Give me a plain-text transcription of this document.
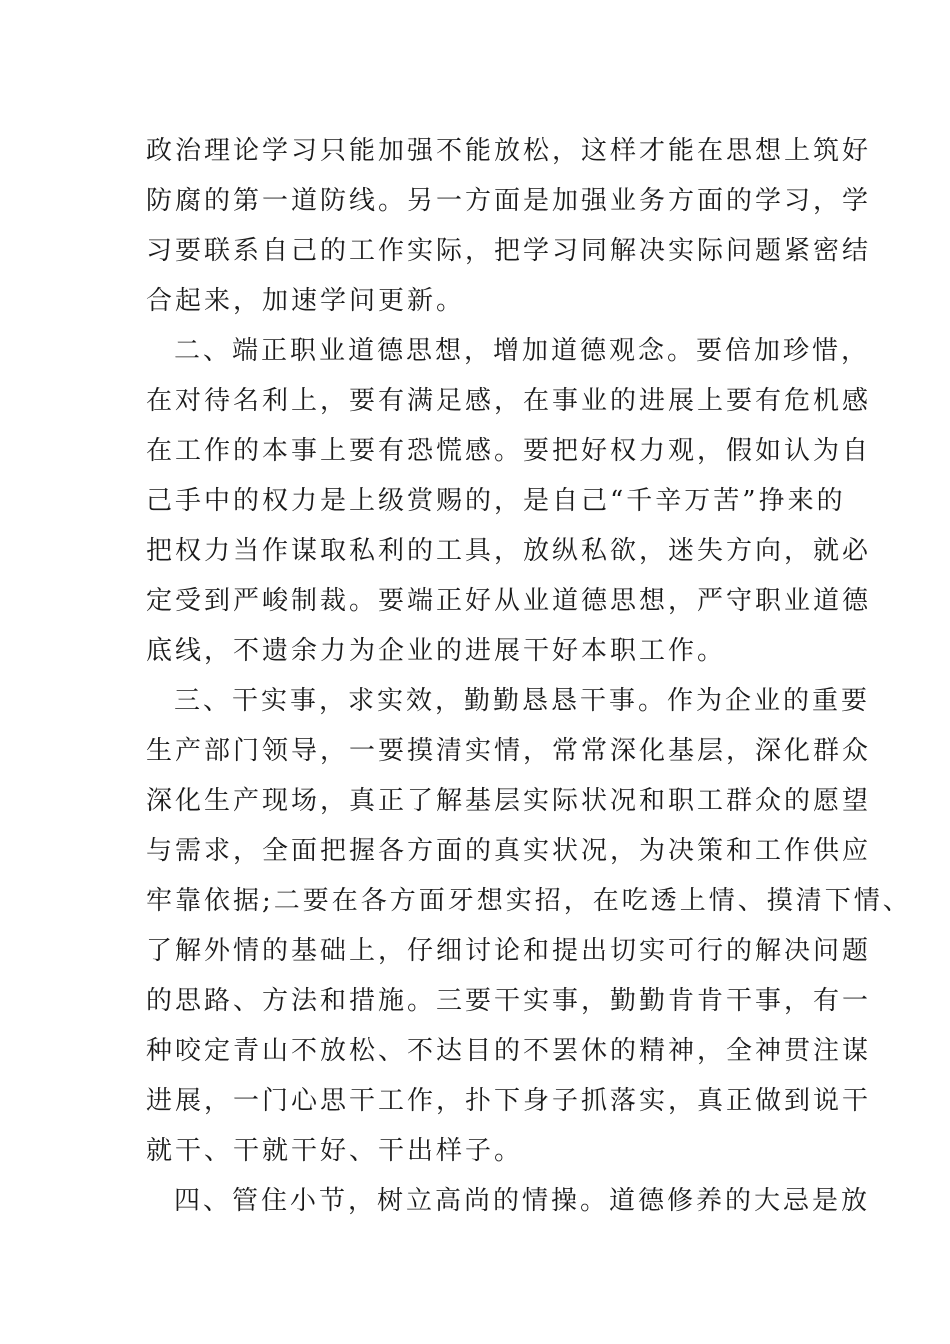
政治理论学习只能加强不能放松，这样才能在思想上筑好
防腐的第一道防线。另一方面是加强业务方面的学习，学
习要联系自己的工作实际，把学习同解决实际问题紧密结
合起来，加速学问更新。
二、端正职业道德思想，增加道德观念。要倍加珍惜，
在对待名利上，要有满足感，在事业的进展上要有危机感
在工作的本事上要有恐慌感。要把好权力观，假如认为自
己手中的权力是上级赏赐的，是自己“千辛万苦”挣来的
把权力当作谋取私利的工具，放纵私欲，迷失方向，就必
定受到严峻制裁。要端正好从业道德思想，严守职业道德
底线，不遗余力为企业的进展干好本职工作。
三、干实事，求实效，勤勤恳恳干事。作为企业的重要
生产部门领导，一要摸清实情，常常深化基层，深化群众
深化生产现场，真正了解基层实际状况和职工群众的愿望
与需求，全面把握各方面的真实状况，为决策和工作供应
牢靠依据;二要在各方面牙想实招，在吃透上情、摸清下情、
了解外情的基础上，仔细讨论和提出切实可行的解决问题
的思路、方法和措施。三要干实事，勤勤肯肯干事，有一
种咬定青山不放松、不达目的不罢休的精神，全神贯注谋
进展，一门心思干工作，扑下身子抓落实，真正做到说干
就干、干就干好、干出样子。
四、管住小节，树立高尚的情操。道德修养的大忌是放
